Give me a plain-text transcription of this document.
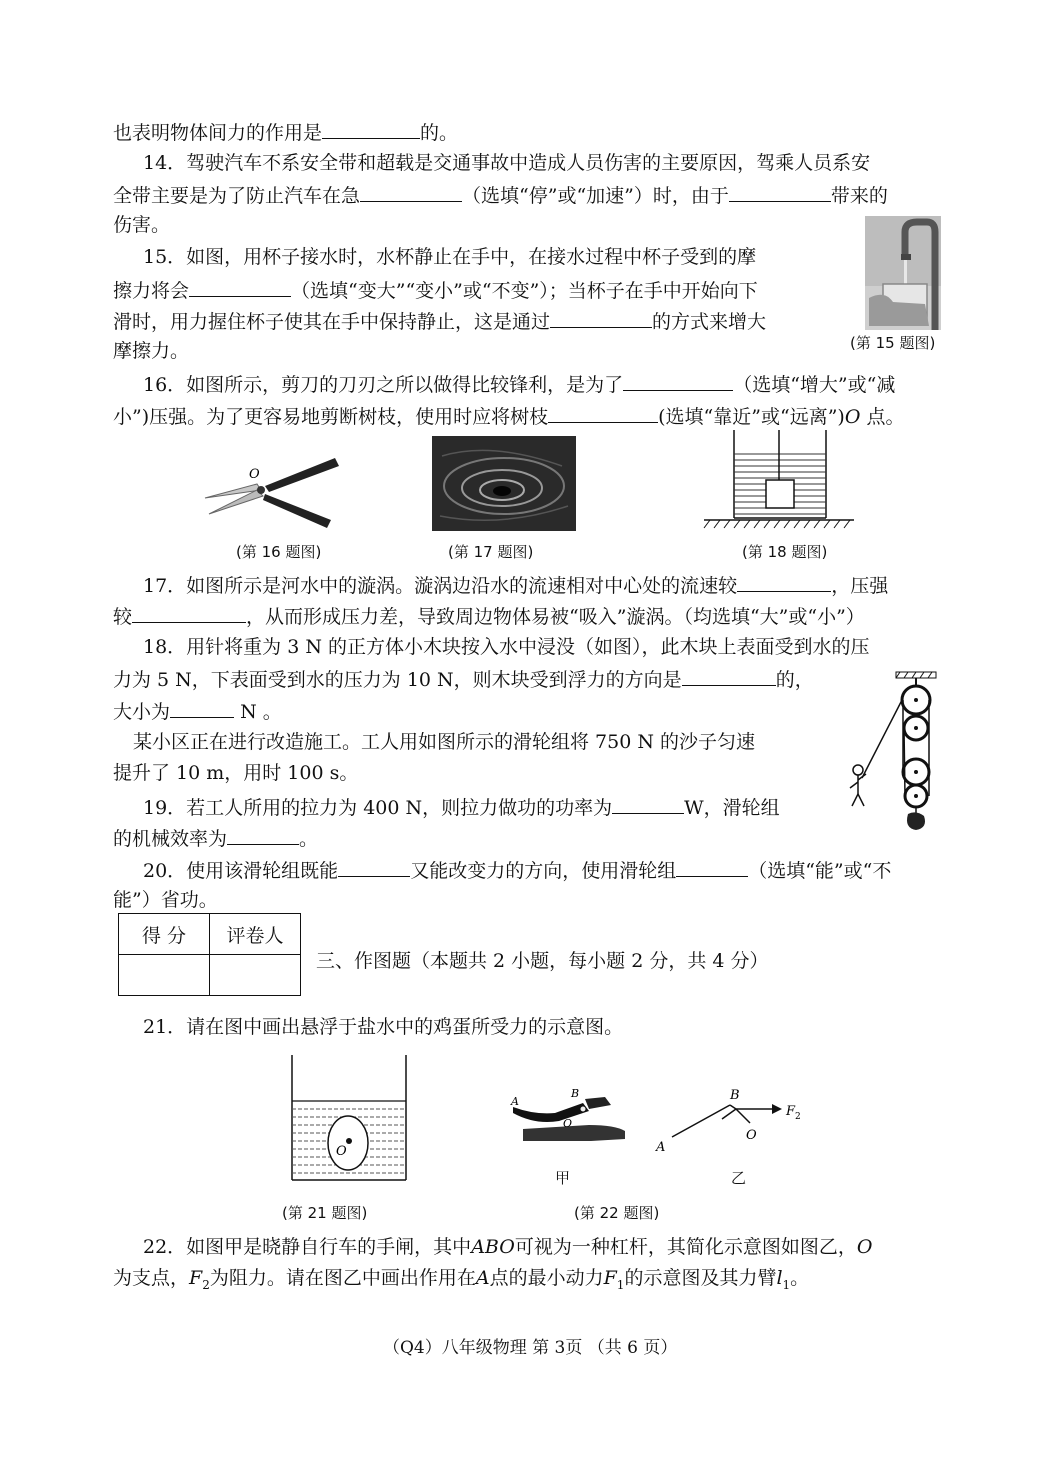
也表明物体间力的作用是	的。
14．驾驶汽车不系安全带和超载是交通事故中造成人员伤害的主要原因，驾乘人员系安
全带主要是为了防止汽车在急	（选填“停”或“加速”）时，由于	带来的
伤害。
15．如图，用杯子接水时，水杯静止在手中，在接水过程中杯子受到的摩
擦力将会	（选填“变大”“变小”或“不变”）；当杯子在手中开始向下
滑时，用力握住杯子使其在手中保持静止，这是通过	的方式来增大
摩擦力。	(第 15 题图)
16．如图所示，剪刀的刀刃之所以做得比较锋利，是为了	（选填“增大”或“减
小”)压强。为了更容易地剪断树枝，使用时应将树枝	(选填“靠近”或“远离”)O 点。
O
(第 16 题图)	(第 17 题图)	(第 18 题图)
17．如图所示是河水中的漩涡。漩涡边沿水的流速相对中心处的流速较	，压强
较	，从而形成压力差，导致周边物体易被“吸入”漩涡。（均选填“大”或“小”）
18．用针将重为 3 N 的正方体小木块按入水中浸没（如图），此木块上表面受到水的压
力为 5 N，下表面受到水的压力为 10 N，则木块受到浮力的方向是	的，
大小为	N 。
某小区正在进行改造施工。工人用如图所示的滑轮组将 750 N 的沙子匀速
提升了 10 m，用时 100 s。
19．若工人所用的拉力为 400 N，则拉力做功的功率为	W，滑轮组
的机械效率为	。
20．使用该滑轮组既能	又能改变力的方向，使用滑轮组	（选填“能”或“不
能”）省功。
得 分	评卷人

三、作图题（本题共 2 小题，每小题 2 分，共 4 分）
21．请在图中画出悬浮于盐水中的鸡蛋所受力的示意图。
O
(第 21 题图)
A
B
O
甲
A
B
O
F 2
乙
(第 22 题图)
22．如图甲是晓静自行车的手闸，其中ABO可视为一种杠杆，其简化示意图如图乙，O
为支点，$F_2$为阻力。请在图乙中画出作用在A点的最小动力$F_1$的示意图及其力臂$l_1$。
（Q4）八年级物理 第 3页 （共 6 页）
